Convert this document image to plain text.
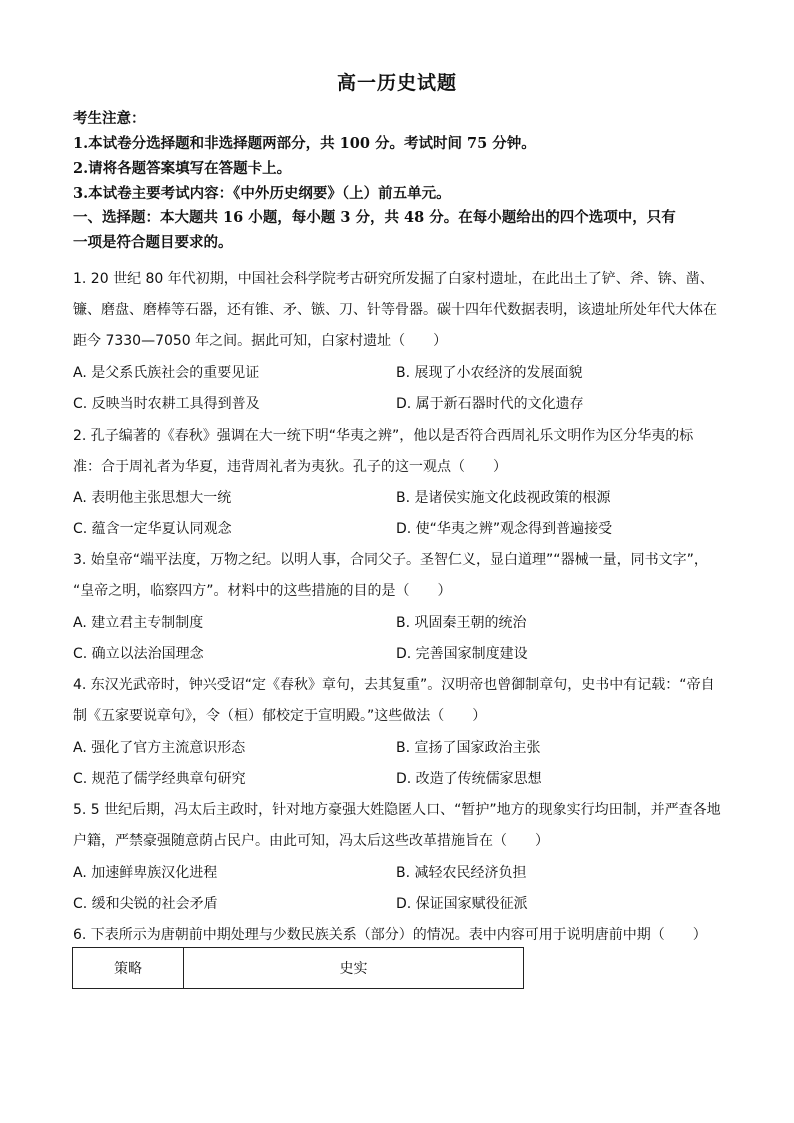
高一历史试题
考生注意：
1.本试卷分选择题和非选择题两部分，共 100 分。考试时间 75 分钟。
2.请将各题答案填写在答题卡上。
3.本试卷主要考试内容：《中外历史纲要》（上）前五单元。
一、选择题：本大题共 16 小题，每小题 3 分，共 48 分。在每小题给出的四个选项中，只有
一项是符合题目要求的。
1. 20 世纪 80 年代初期，中国社会科学院考古研究所发掘了白家村遗址，在此出土了铲、斧、锛、凿、
镰、磨盘、磨棒等石器，还有锥、矛、镞、刀、针等骨器。碳十四年代数据表明，该遗址所处年代大体在
距今 7330—7050 年之间。据此可知，白家村遗址（　　）
A. 是父系氏族社会的重要见证	B. 展现了小农经济的发展面貌
C. 反映当时农耕工具得到普及	D. 属于新石器时代的文化遗存
2. 孔子编著的《春秋》强调在大一统下明“华夷之辨”，他以是否符合西周礼乐文明作为区分华夷的标
准：合于周礼者为华夏，违背周礼者为夷狄。孔子的这一观点（　　）
A. 表明他主张思想大一统	B. 是诸侯实施文化歧视政策的根源
C. 蕴含一定华夏认同观念	D. 使“华夷之辨”观念得到普遍接受
3. 始皇帝“端平法度，万物之纪。以明人事，合同父子。圣智仁义，显白道理”“器械一量，同书文字”，
“皇帝之明，临察四方”。材料中的这些措施的目的是（　　）
A. 建立君主专制制度	B. 巩固秦王朝的统治
C. 确立以法治国理念	D. 完善国家制度建设
4. 东汉光武帝时，钟兴受诏“定《春秋》章句，去其复重”。汉明帝也曾御制章句，史书中有记载：“帝自
制《五家要说章句》，令（桓）郁校定于宣明殿。”这些做法（　　）
A. 强化了官方主流意识形态	B. 宣扬了国家政治主张
C. 规范了儒学经典章句研究	D. 改造了传统儒家思想
5. 5 世纪后期，冯太后主政时，针对地方豪强大姓隐匿人口、“暂护”地方的现象实行均田制，并严查各地
户籍，严禁豪强随意荫占民户。由此可知，冯太后这些改革措施旨在（　　）
A. 加速鲜卑族汉化进程	B. 减轻农民经济负担
C. 缓和尖锐的社会矛盾	D. 保证国家赋役征派
6. 下表所示为唐朝前中期处理与少数民族关系（部分）的情况。表中内容可用于说明唐前中期（　　）
策略	史实
